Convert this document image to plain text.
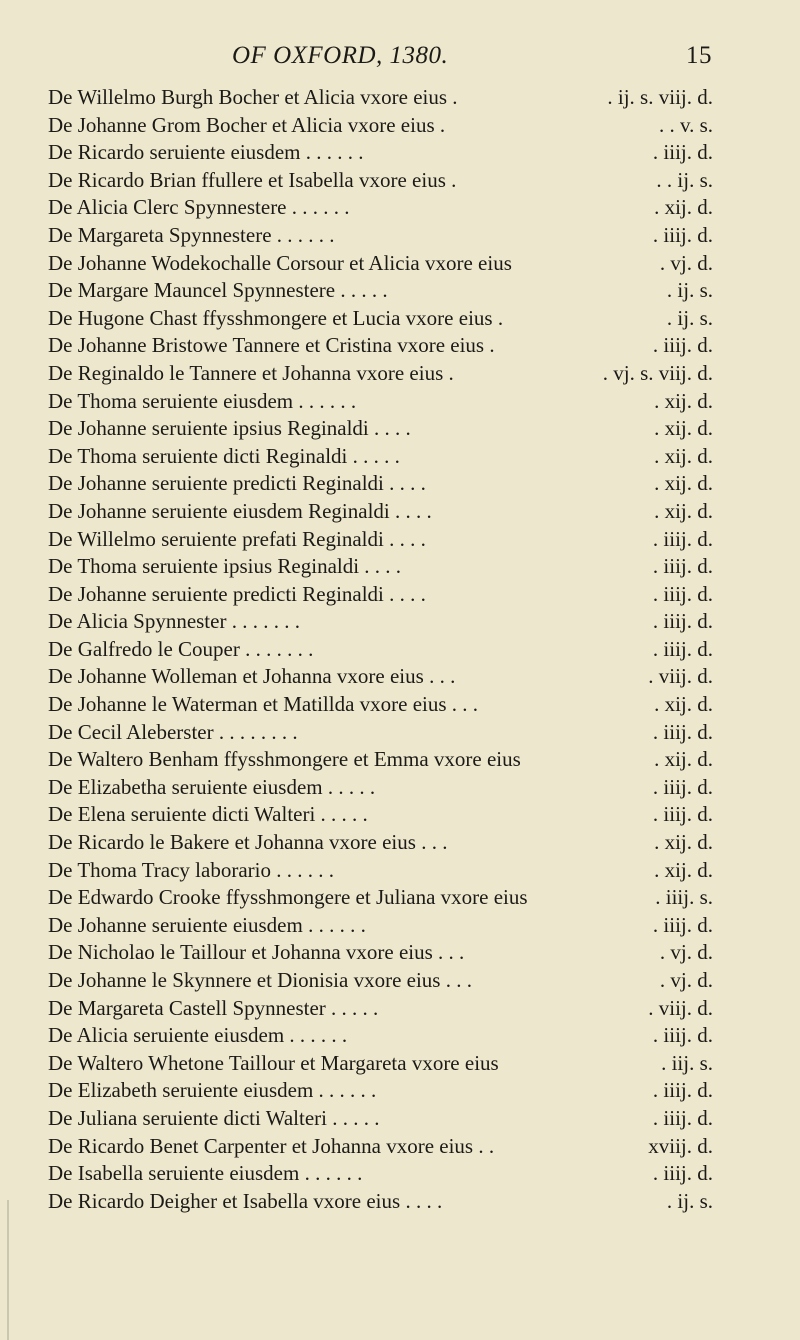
OF OXFORD, 1380.	15
De Willelmo Burgh Bocher et Alicia vxore eius .	. ij. s. viij. d.
De Johanne Grom Bocher et Alicia vxore eius .	. . v. s.
De Ricardo seruiente eiusdem . . . . . .	. iiij. d.
De Ricardo Brian ffullere et Isabella vxore eius .	. . ij. s.
De Alicia Clerc Spynnestere . . . . . .	. xij. d.
De Margareta Spynnestere . . . . . .	. iiij. d.
De Johanne Wodekochalle Corsour et Alicia vxore eius	. vj. d.
De Margare Mauncel Spynnestere . . . . .	. ij. s.
De Hugone Chast ffysshmongere et Lucia vxore eius .	. ij. s.
De Johanne Bristowe Tannere et Cristina vxore eius .	. iiij. d.
De Reginaldo le Tannere et Johanna vxore eius .	. vj. s. viij. d.
De Thoma seruiente eiusdem . . . . . .	. xij. d.
De Johanne seruiente ipsius Reginaldi . . . .	. xij. d.
De Thoma seruiente dicti Reginaldi . . . . .	. xij. d.
De Johanne seruiente predicti Reginaldi . . . .	. xij. d.
De Johanne seruiente eiusdem Reginaldi . . . .	. xij. d.
De Willelmo seruiente prefati Reginaldi . . . .	. iiij. d.
De Thoma seruiente ipsius Reginaldi . . . .	. iiij. d.
De Johanne seruiente predicti Reginaldi . . . .	. iiij. d.
De Alicia Spynnester . . . . . . .	. iiij. d.
De Galfredo le Couper . . . . . . .	. iiij. d.
De Johanne Wolleman et Johanna vxore eius . . .	. viij. d.
De Johanne le Waterman et Matillda vxore eius . . .	. xij. d.
De Cecil Aleberster . . . . . . . .	. iiij. d.
De Waltero Benham ffysshmongere et Emma vxore eius	. xij. d.
De Elizabetha seruiente eiusdem . . . . .	. iiij. d.
De Elena seruiente dicti Walteri . . . . .	. iiij. d.
De Ricardo le Bakere et Johanna vxore eius . . .	. xij. d.
De Thoma Tracy laborario . . . . . .	. xij. d.
De Edwardo Crooke ffysshmongere et Juliana vxore eius	. iiij. s.
De Johanne seruiente eiusdem . . . . . .	. iiij. d.
De Nicholao le Taillour et Johanna vxore eius . . .	. vj. d.
De Johanne le Skynnere et Dionisia vxore eius . . .	. vj. d.
De Margareta Castell Spynnester . . . . .	. viij. d.
De Alicia seruiente eiusdem . . . . . .	. iiij. d.
De Waltero Whetone Taillour et Margareta vxore eius	. iij. s.
De Elizabeth seruiente eiusdem . . . . . .	. iiij. d.
De Juliana seruiente dicti Walteri . . . . .	. iiij. d.
De Ricardo Benet Carpenter et Johanna vxore eius . .	xviij. d.
De Isabella seruiente eiusdem . . . . . .	. iiij. d.
De Ricardo Deigher et Isabella vxore eius . . . .	. ij. s.
